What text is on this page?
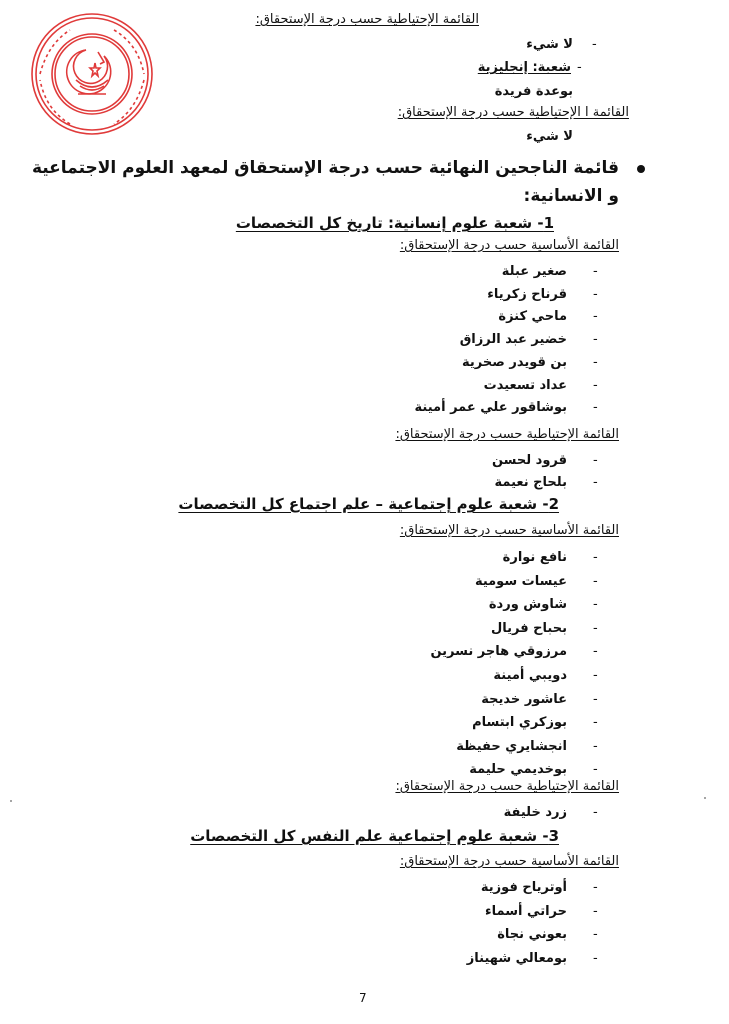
القائمة الإحتياطية حسب درجة الإستحقاق:
-
لا شيء
-
شعبة: إنجليزية
بوعدة فريدة
القائمة ا الإحتياطية حسب درجة الإستحقاق:
لا شيء
قائمة الناجحين النهائية حسب درجة الإستحقاق لمعهد العلوم الاجتماعية
و الانسانية:
1- شعبة علوم إنسانية: تاريخ كل التخصصات
القائمة الأساسية حسب درجة الإستحقاق:
-
صغير عبلة
-
قرناح زكرياء
-
ماحي كنزة
-
خضير عبد الرزاق
-
بن قويدر صخرية
-
عداد تسعيدت
-
بوشاقور علي عمر أمينة
القائمة الإحتياطية حسب درجة الإستحقاق:
-
قرود لحسن
-
بلحاج نعيمة
2- شعبة علوم إجتماعية – علم اجتماع كل التخصصات
القائمة الأساسية حسب درجة الإستحقاق:
-
نافع نوارة
-
عيسات سومية
-
شاوش وردة
-
بحباح فريال
-
مرزوقي هاجر نسرين
-
دويبي أمينة
-
عاشور خديجة
-
بوزكري ابتسام
-
انجشايري حفيظة
-
بوخديمي حليمة
القائمة الإحتياطية حسب درجة الإستحقاق:
-
زرد خليفة
3- شعبة علوم إجتماعية علم النفس كل التخصصات
القائمة الأساسية حسب درجة الإستحقاق:
-
أوترياح فوزية
-
حراتي أسماء
-
بعوني نجاة
-
بومعالي شهيناز
7
